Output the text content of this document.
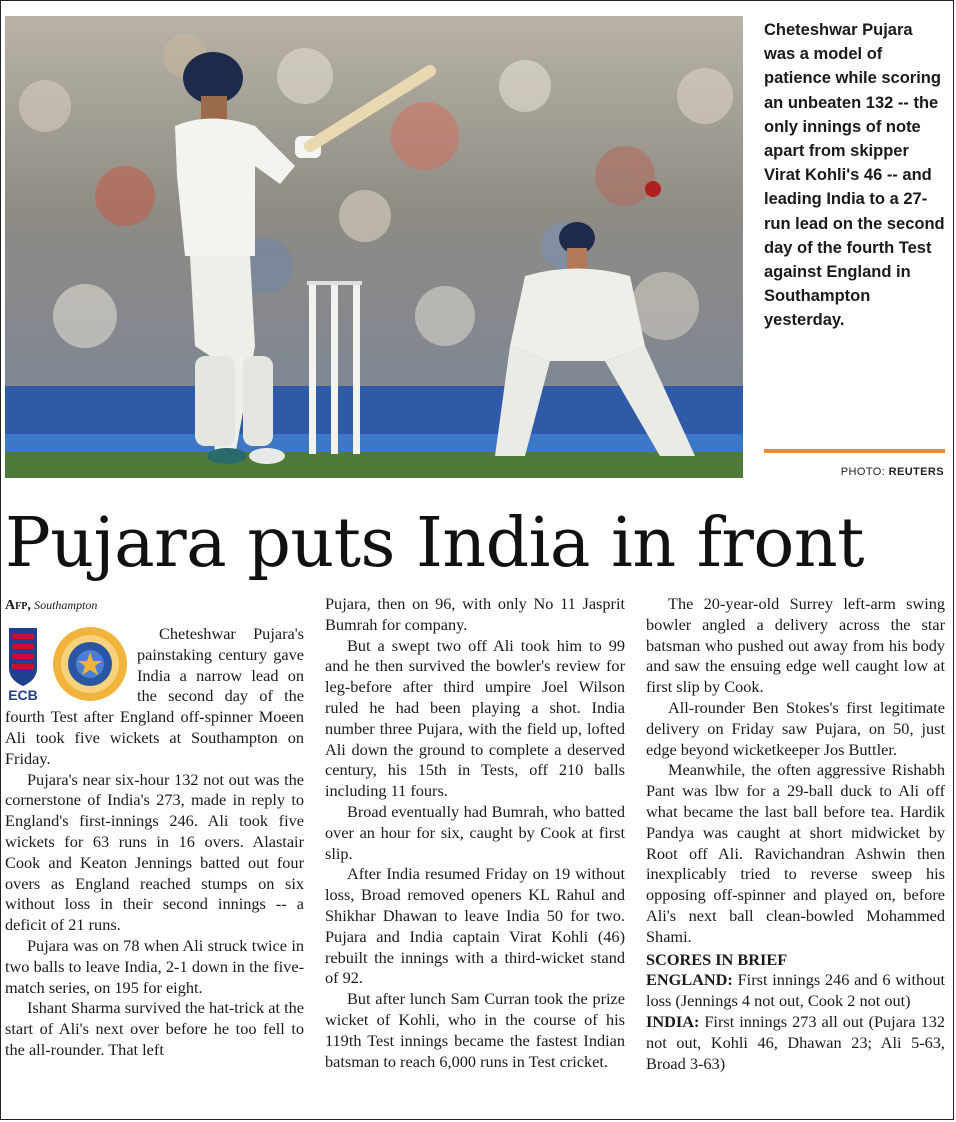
Cheteshwar Pujara was a model of patience while scoring an unbeaten 132 -- the only innings of note apart from skipper Virat Kohli's 46 -- and leading India to a 27-run lead on the second day of the fourth Test against England in Southampton yesterday.
PHOTO: REUTERS
Pujara puts India in front
Afp, Southampton
ECB

Cheteshwar Pujara's painstaking century gave India a narrow lead on the second day of the fourth Test after England off-spinner Moeen Ali took five wickets at Southampton on Friday.

Pujara's near six-hour 132 not out was the cornerstone of India's 273, made in reply to England's first-innings 246. Ali took five wickets for 63 runs in 16 overs. Alastair Cook and Keaton Jennings batted out four overs as England reached stumps on six without loss in their second innings -- a deficit of 21 runs.

Pujara was on 78 when Ali struck twice in two balls to leave India, 2-1 down in the five-match series, on 195 for eight.

Ishant Sharma survived the hat-trick at the start of Ali's next over before he too fell to the all-rounder. That left

Pujara, then on 96, with only No 11 Jasprit Bumrah for company.

But a swept two off Ali took him to 99 and he then survived the bowler's review for leg-before after third umpire Joel Wilson ruled he had been playing a shot. India number three Pujara, with the field up, lofted Ali down the ground to complete a deserved century, his 15th in Tests, off 210 balls including 11 fours.

Broad eventually had Bumrah, who batted over an hour for six, caught by Cook at first slip.

After India resumed Friday on 19 without loss, Broad removed openers KL Rahul and Shikhar Dhawan to leave India 50 for two. Pujara and India captain Virat Kohli (46) rebuilt the innings with a third-wicket stand of 92.

But after lunch Sam Curran took the prize wicket of Kohli, who in the course of his 119th Test innings became the fastest Indian batsman to reach 6,000 runs in Test cricket.

The 20-year-old Surrey left-arm swing bowler angled a delivery across the star batsman who pushed out away from his body and saw the ensuing edge well caught low at first slip by Cook.

All-rounder Ben Stokes's first legitimate delivery on Friday saw Pujara, on 50, just edge beyond wicketkeeper Jos Buttler.

Meanwhile, the often aggressive Rishabh Pant was lbw for a 29-ball duck to Ali off what became the last ball before tea. Hardik Pandya was caught at short midwicket by Root off Ali. Ravichandran Ashwin then inexplicably tried to reverse sweep his opposing off-spinner and played on, before Ali's next ball clean-bowled Mohammed Shami.

SCORES IN BRIEF

ENGLAND: First innings 246 and 6 without loss (Jennings 4 not out, Cook 2 not out)

INDIA: First innings 273 all out (Pujara 132 not out, Kohli 46, Dhawan 23; Ali 5-63, Broad 3-63)
